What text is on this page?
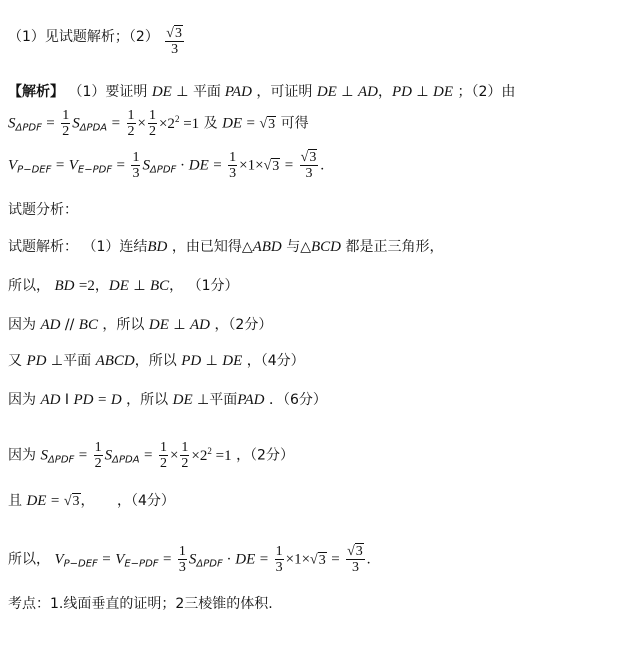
（1）见试题解析；$(2) \frac{√3}{3}$
【解析】 （1）要证明 DE ⊥ 平面 PAD ，可证明 DE ⊥ AD，PD ⊥ DE ；（2）由
$S_{\Delta PDF} = \frac{1}{2} S_{\Delta PDA} = \frac{1}{2} \times \frac{1}{2} \times 2^2 =1$ 及 DE = √3 可得
$V_{P-DEF} = V_{E-PDF} = \frac{1}{3} S_{\Delta PDF}$ · DE = $\frac{1}{3} \times 1\times√3 = \frac{√3}{3}$ .
试题分析：
试题解析： （1）连结BD ，由已知得△ABD 与△BCD 都是正三角形，
所以， BD =2，DE ⊥ BC， （1分）
因为 AD // BC ，所以 DE ⊥ AD ，（2分）
又 PD ⊥平面 ABCD，所以 PD ⊥ DE ，（4分）
因为 AD I PD = D ，所以 DE ⊥平面PAD ．（6分）
因为 $S_{\Delta PDF} = \frac{1}{2} S_{\Delta PDA} = \frac{1}{2} \times \frac{1}{2} \times 2^2 =1$ ，（2分）
且 DE = √3， ，（4分）
所以， $V_{P-DEF} = V_{E-PDF} = \frac{1}{3} S_{\Delta PDF}$ · DE = $\frac{1}{3} \times 1\times√3 = \frac{√3}{3}$ .
考点：1.线面垂直的证明；2三棱锥的体积.
